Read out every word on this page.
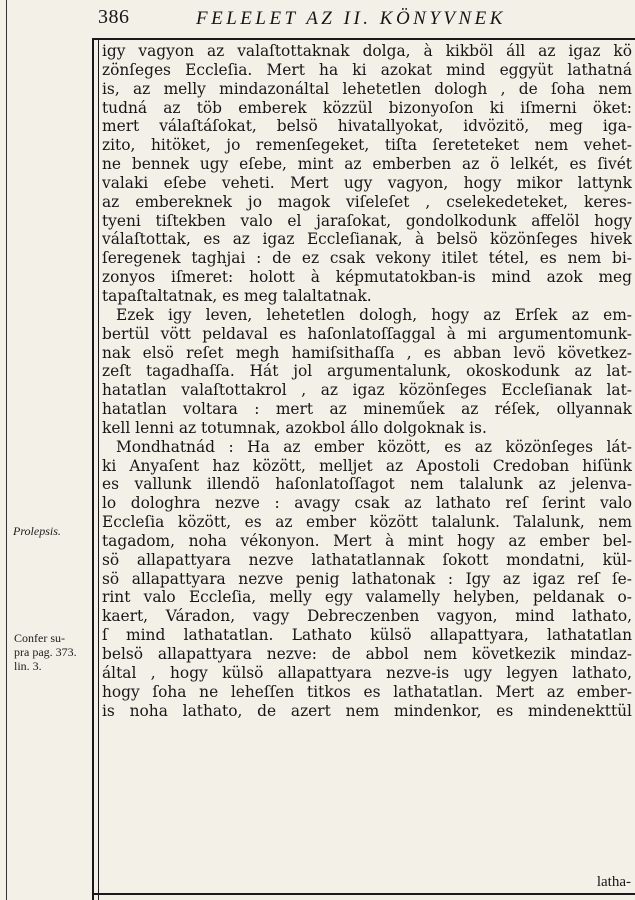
386	FELELET AZ II. KÖNYVNEK
Prolepsis.
Confer su-
pra pag. 373.
lin. 3.
igy vagyon az valaſtottaknak dolga, à kikböl áll az igaz kö
zönſeges Eccleſia. Mert ha ki azokat mind eggyüt lathatná
is, az melly mindazonáltal lehetetlen dologh , de ſoha nem
tudná az töb emberek közzül bizonyoſon ki iſmerni öket:
mert válaſtáſokat, belsö hivatallyokat, idvözitö, meg iga-
zito, hitöket, jo remenſegeket, tiſta ſereteteket nem vehet-
ne bennek ugy eſebe, mint az emberben az ö lelkét, es ſivét
valaki eſebe veheti. Mert ugy vagyon, hogy mikor lattynk
az embereknek jo magok viſeleſet , cselekedeteket, keres-
tyeni tiſtekben valo el jaraſokat, gondolkodunk affelöl hogy
válaſtottak, es az igaz Eccleſianak, à belsö közönſeges hivek
ſeregenek taghjai : de ez csak vekony itilet tétel, es nem bi-
zonyos iſmeret: holott à képmutatokban-is mind azok meg
tapaſtaltatnak, es meg talaltatnak.
Ezek igy leven, lehetetlen dologh, hogy az Erſek az em-
bertül vött peldaval es haſonlatoſſaggal à mi argumentomunk-
nak elsö reſet megh hamiſsithaſſa , es abban levö következ-
zeſt tagadhaſſa. Hát jol argumentalunk, okoskodunk az lat-
hatatlan valaſtottakrol , az igaz közönſeges Eccleſianak lat-
hatatlan voltara : mert az mineműek az réſek, ollyannak
kell lenni az totumnak, azokbol állo dolgoknak is.
Mondhatnád : Ha az ember között, es az közönſeges lát-
ki Anyaſent haz között, melljet az Apostoli Credoban hiſünk
es vallunk illendö haſonlatoſſagot nem talalunk az jelenva-
lo dologhra nezve : avagy csak az lathato reſ ſerint valo
Eccleſia között, es az ember között talalunk. Talalunk, nem
tagadom, noha vékonyon. Mert à mint hogy az ember bel-
sö allapattyara nezve lathatatlannak ſokott mondatni, kül-
sö allapattyara nezve penig lathatonak : Igy az igaz reſ ſe-
rint valo Eccleſia, melly egy valamelly helyben, peldanak o-
kaert, Váradon, vagy Debreczenben vagyon, mind lathato,
ſ mind lathatatlan. Lathato külsö allapattyara, lathatatlan
belsö allapattyara nezve: de abbol nem következik mindaz-
által , hogy külsö allapattyara nezve-is ugy legyen lathato,
hogy ſoha ne leheſſen titkos es lathatatlan. Mert az ember-
is noha lathato, de azert nem mindenkor, es mindenekttül
latha-
